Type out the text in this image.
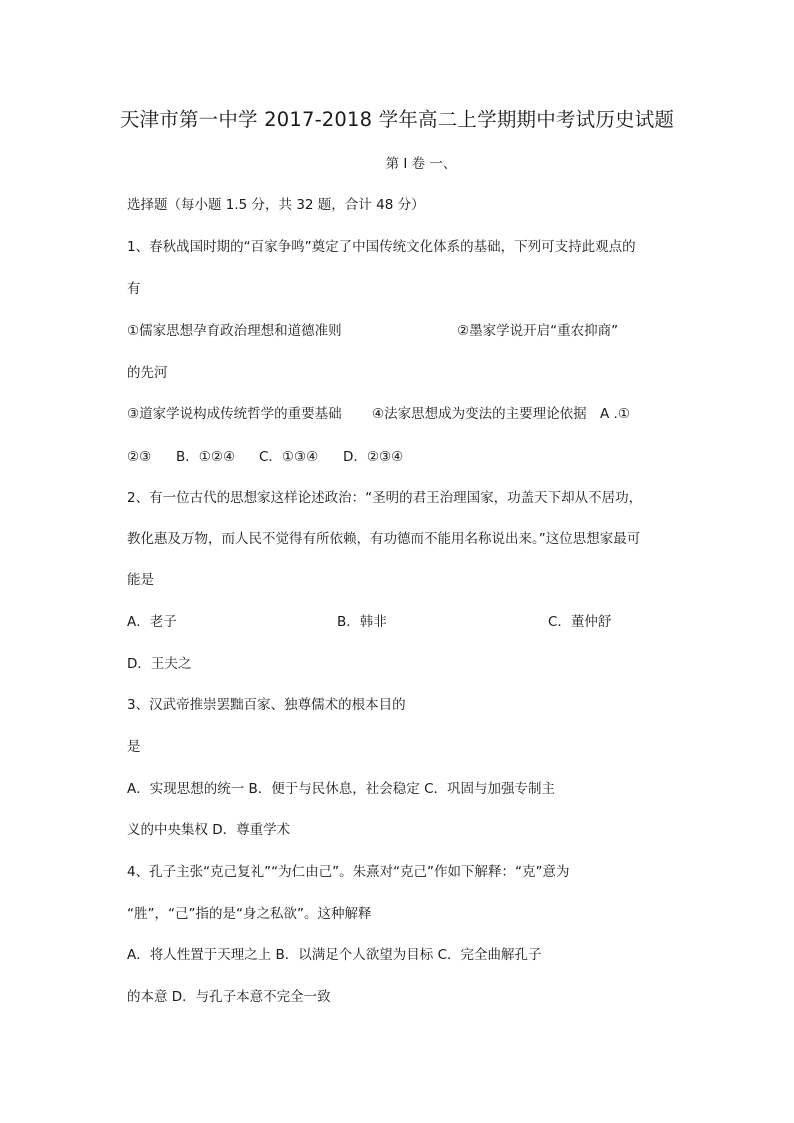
天津市第一中学 2017-2018 学年高二上学期期中考试历史试题
第 I 卷 一、
选择题（每小题 1.5 分，共 32 题，合计 48 分）
1、春秋战国时期的“百家争鸣”奠定了中国传统文化体系的基础，下列可支持此观点的
有
①儒家思想孕育政治理想和道德准则	②墨家学说开启“重农抑商”
的先河
③道家学说构成传统哲学的重要基础 ④法家思想成为变法的主要理论依据 A .①
②③ B．①②④ C．①③④ D．②③④
2、有一位古代的思想家这样论述政治：“圣明的君王治理国家，功盖天下却从不居功，
教化惠及万物，而人民不觉得有所依赖，有功德而不能用名称说出来。”这位思想家最可
能是
A．老子	B．韩非	C．董仲舒
D．王夫之
3、汉武帝推崇罢黜百家、独尊儒术的根本目的
是
A．实现思想的统一 B．便于与民休息，社会稳定 C．巩固与加强专制主
义的中央集权 D．尊重学术
4、孔子主张“克己复礼”“为仁由己”。朱熹对“克己”作如下解释：“克”意为
“胜”，“己”指的是“身之私欲”。这种解释
A．将人性置于天理之上 B．以满足个人欲望为目标 C．完全曲解孔子
的本意 D．与孔子本意不完全一致
